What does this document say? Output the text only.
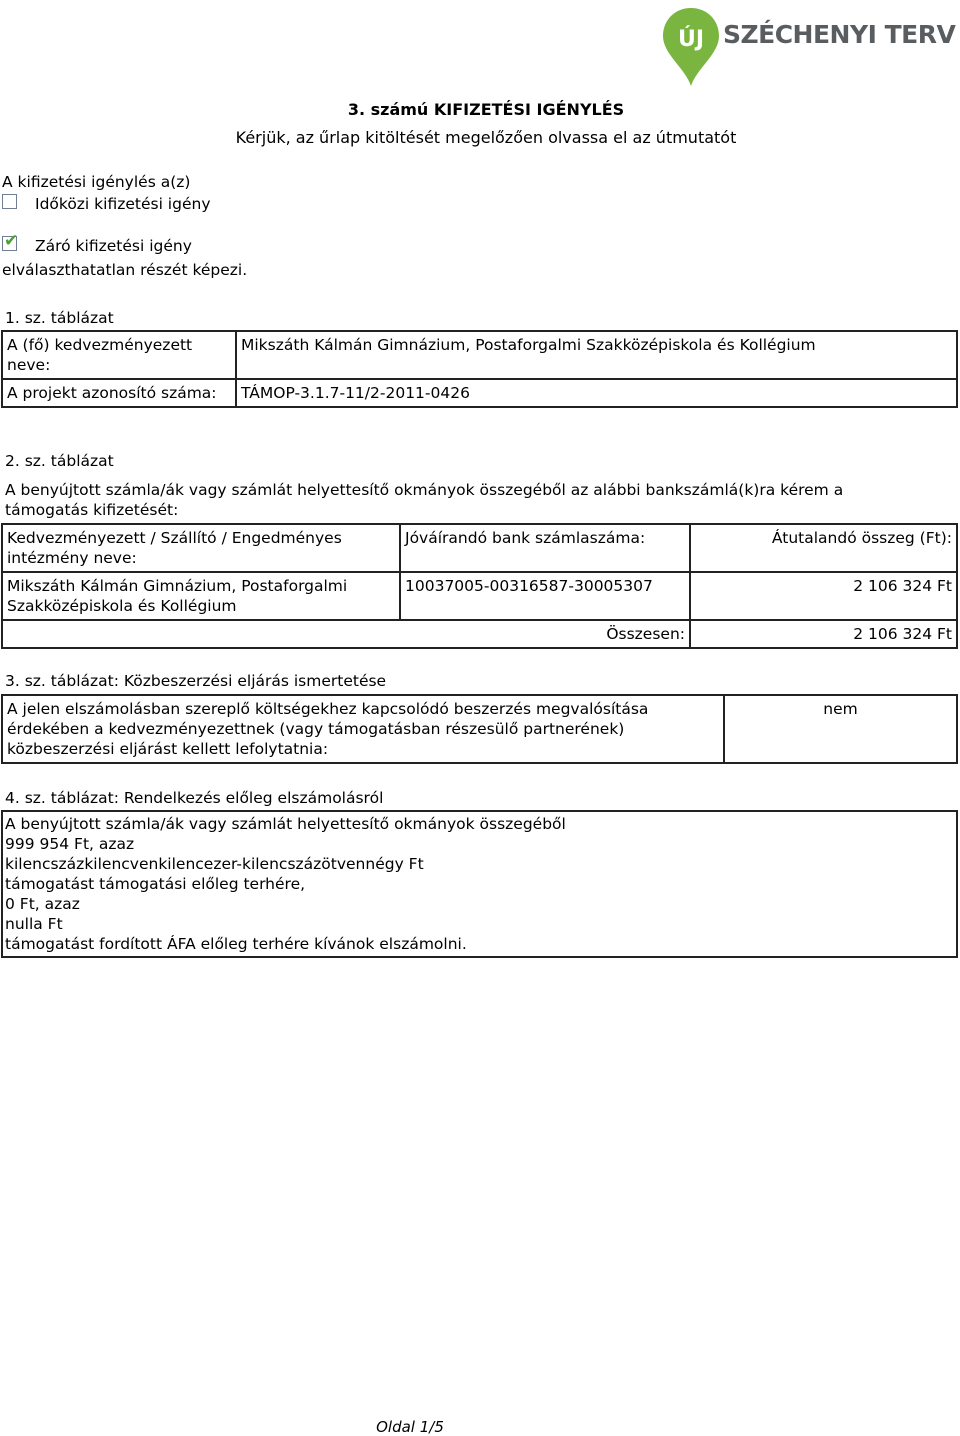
ÚJ SZÉCHENYI TERV
3. számú KIFIZETÉSI IGÉNYLÉS
Kérjük, az űrlap kitöltését megelőzően olvassa el az útmutatót
A kifizetési igénylés a(z)
Időközi kifizetési igény
✔ Záró kifizetési igény
elválaszthatatlan részét képezi.
1. sz. táblázat
A (fő) kedvezményezett neve:	Mikszáth Kálmán Gimnázium, Postaforgalmi Szakközépiskola és Kollégium
A projekt azonosító száma:	TÁMOP-3.1.7-11/2-2011-0426
2. sz. táblázat
A benyújtott számla/ák vagy számlát helyettesítő okmányok összegéből az alábbi bankszámlá(k)ra kérem a támogatás kifizetését:
Kedvezményezett / Szállító / Engedményes intézmény neve:	Jóváírandó bank számlaszáma:	Átutalandó összeg (Ft):
Mikszáth Kálmán Gimnázium, Postaforgalmi Szakközépiskola és Kollégium	10037005-00316587-30005307	2 106 324 Ft
Összesen:		2 106 324 Ft
3. sz. táblázat: Közbeszerzési eljárás ismertetése
A jelen elszámolásban szereplő költségekhez kapcsolódó beszerzés megvalósítása érdekében a kedvezményezettnek (vagy támogatásban részesülő partnerének) közbeszerzési eljárást kellett lefolytatnia:	nem
4. sz. táblázat: Rendelkezés előleg elszámolásról
A benyújtott számla/ák vagy számlát helyettesítő okmányok összegéből
999 954 Ft, azaz
kilencszázkilencvenkilencezer-kilencszázötvennégy Ft
támogatást támogatási előleg terhére,
0 Ft, azaz
nulla Ft
támogatást fordított ÁFA előleg terhére kívánok elszámolni.
Oldal 1/5
